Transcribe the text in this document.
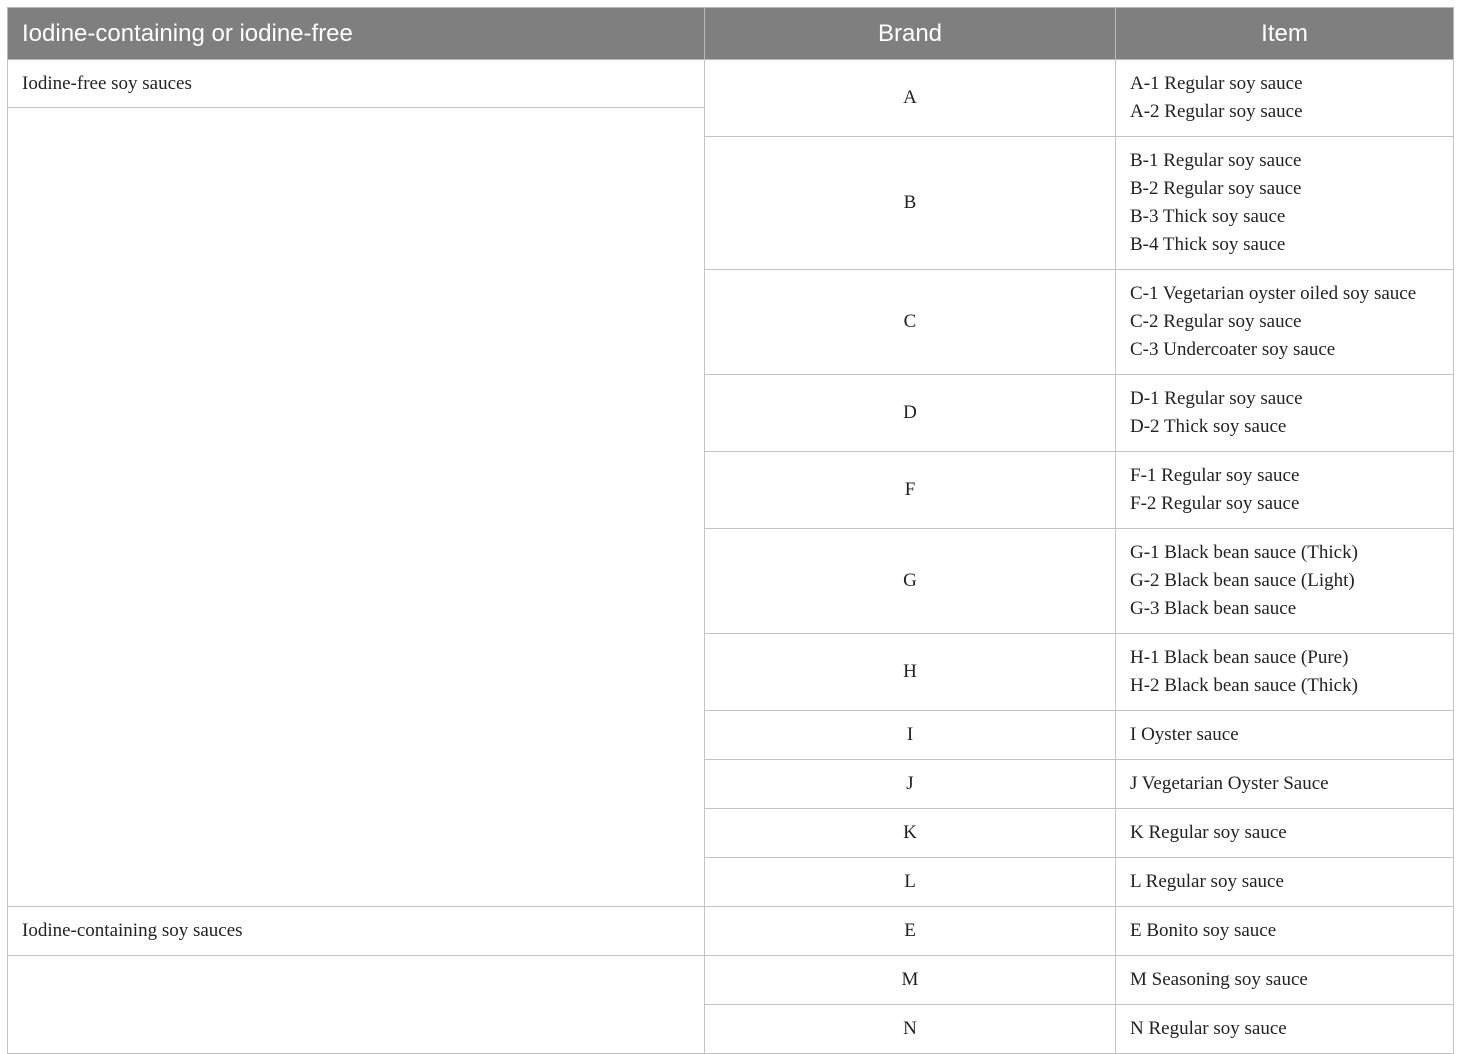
Iodine-containing or iodine-free	Brand	Item
Iodine-free soy sauces	A	A-1 Regular soy sauce
A-2 Regular soy sauce

	B	B-1 Regular soy sauce
B-2 Regular soy sauce
B-3 Thick soy sauce
B-4 Thick soy sauce

	C	C-1 Vegetarian oyster oiled soy sauce
C-2 Regular soy sauce
C-3 Undercoater soy sauce

	D	D-1 Regular soy sauce
D-2 Thick soy sauce

	F	F-1 Regular soy sauce
F-2 Regular soy sauce

	G	G-1 Black bean sauce (Thick)
G-2 Black bean sauce (Light)
G-3 Black bean sauce

	H	H-1 Black bean sauce (Pure)
H-2 Black bean sauce (Thick)

	I	I Oyster sauce

	J	J Vegetarian Oyster Sauce

	K	K Regular soy sauce

	L	L Regular soy sauce

Iodine-containing soy sauces	E	E Bonito soy sauce

	M	M Seasoning soy sauce

	N	N Regular soy sauce
